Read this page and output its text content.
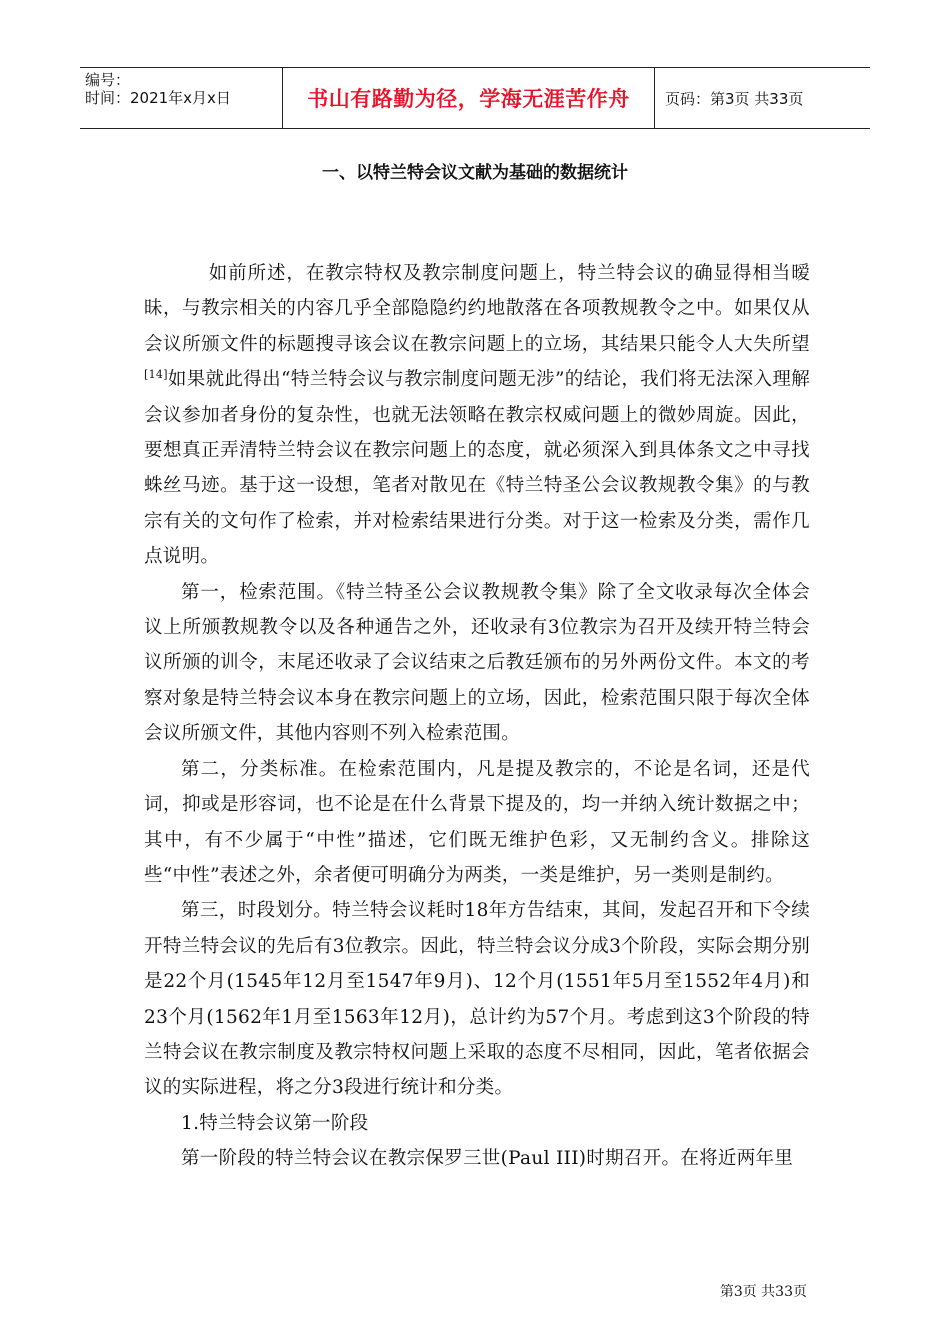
编号：
时间：2021年x月x日	书山有路勤为径，学海无涯苦作舟 页码：第3页 共33页
一、以特兰特会议文献为基础的数据统计

如前所述，在教宗特权及教宗制度问题上，特兰特会议的确显得相当暧昧，与教宗相关的内容几乎全部隐隐约约地散落在各项教规教令之中。如果仅从会议所颁文件的标题搜寻该会议在教宗问题上的立场，其结果只能令人大失所望[14]如果就此得出“特兰特会议与教宗制度问题无涉”的结论，我们将无法深入理解会议参加者身份的复杂性，也就无法领略在教宗权威问题上的微妙周旋。因此，要想真正弄清特兰特会议在教宗问题上的态度，就必须深入到具体条文之中寻找蛛丝马迹。基于这一设想，笔者对散见在《特兰特圣公会议教规教令集》的与教宗有关的文句作了检索，并对检索结果进行分类。对于这一检索及分类，需作几点说明。

第一，检索范围。《特兰特圣公会议教规教令集》除了全文收录每次全体会议上所颁教规教令以及各种通告之外，还收录有3位教宗为召开及续开特兰特会议所颁的训令，末尾还收录了会议结束之后教廷颁布的另外两份文件。本文的考察对象是特兰特会议本身在教宗问题上的立场，因此，检索范围只限于每次全体会议所颁文件，其他内容则不列入检索范围。

第二，分类标准。在检索范围内，凡是提及教宗的，不论是名词，还是代词，抑或是形容词，也不论是在什么背景下提及的，均一并纳入统计数据之中；其中，有不少属于“中性”描述，它们既无维护色彩，又无制约含义。排除这些“中性”表述之外，余者便可明确分为两类，一类是维护，另一类则是制约。

第三，时段划分。特兰特会议耗时18年方告结束，其间，发起召开和下令续开特兰特会议的先后有3位教宗。因此，特兰特会议分成3个阶段，实际会期分别是22个月(1545年12月至1547年9月)、12个月(1551年5月至1552年4月)和23个月(1562年1月至1563年12月)，总计约为57个月。考虑到这3个阶段的特兰特会议在教宗制度及教宗特权问题上采取的态度不尽相同，因此，笔者依据会议的实际进程，将之分3段进行统计和分类。

1.特兰特会议第一阶段

第一阶段的特兰特会议在教宗保罗三世(Paul III)时期召开。在将近两年里

第3页 共33页
